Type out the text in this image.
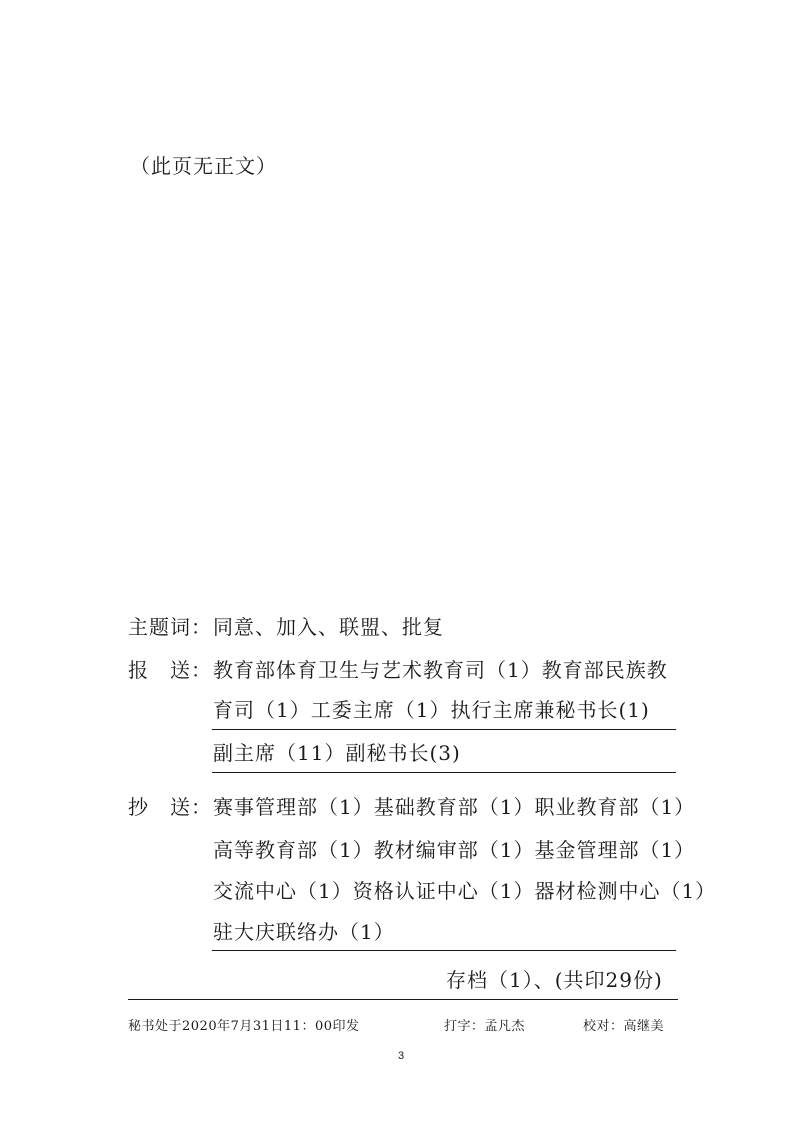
（此页无正文）
主题词： 同意、加入、联盟、批复
报　送： 教育部体育卫生与艺术教育司（1）教育部民族教
育司（1）工委主席（1）执行主席兼秘书长(1)
副主席（11）副秘书长(3)
抄　送： 赛事管理部（1）基础教育部（1）职业教育部（1）
高等教育部（1）教材编审部（1）基金管理部（1）
交流中心（1）资格认证中心（1）器材检测中心（1）
驻大庆联络办（1）
存档（1）、(共印29份)
秘书处于2020年7月31日11：00印发	打字：孟凡杰	校对：高继美
3
